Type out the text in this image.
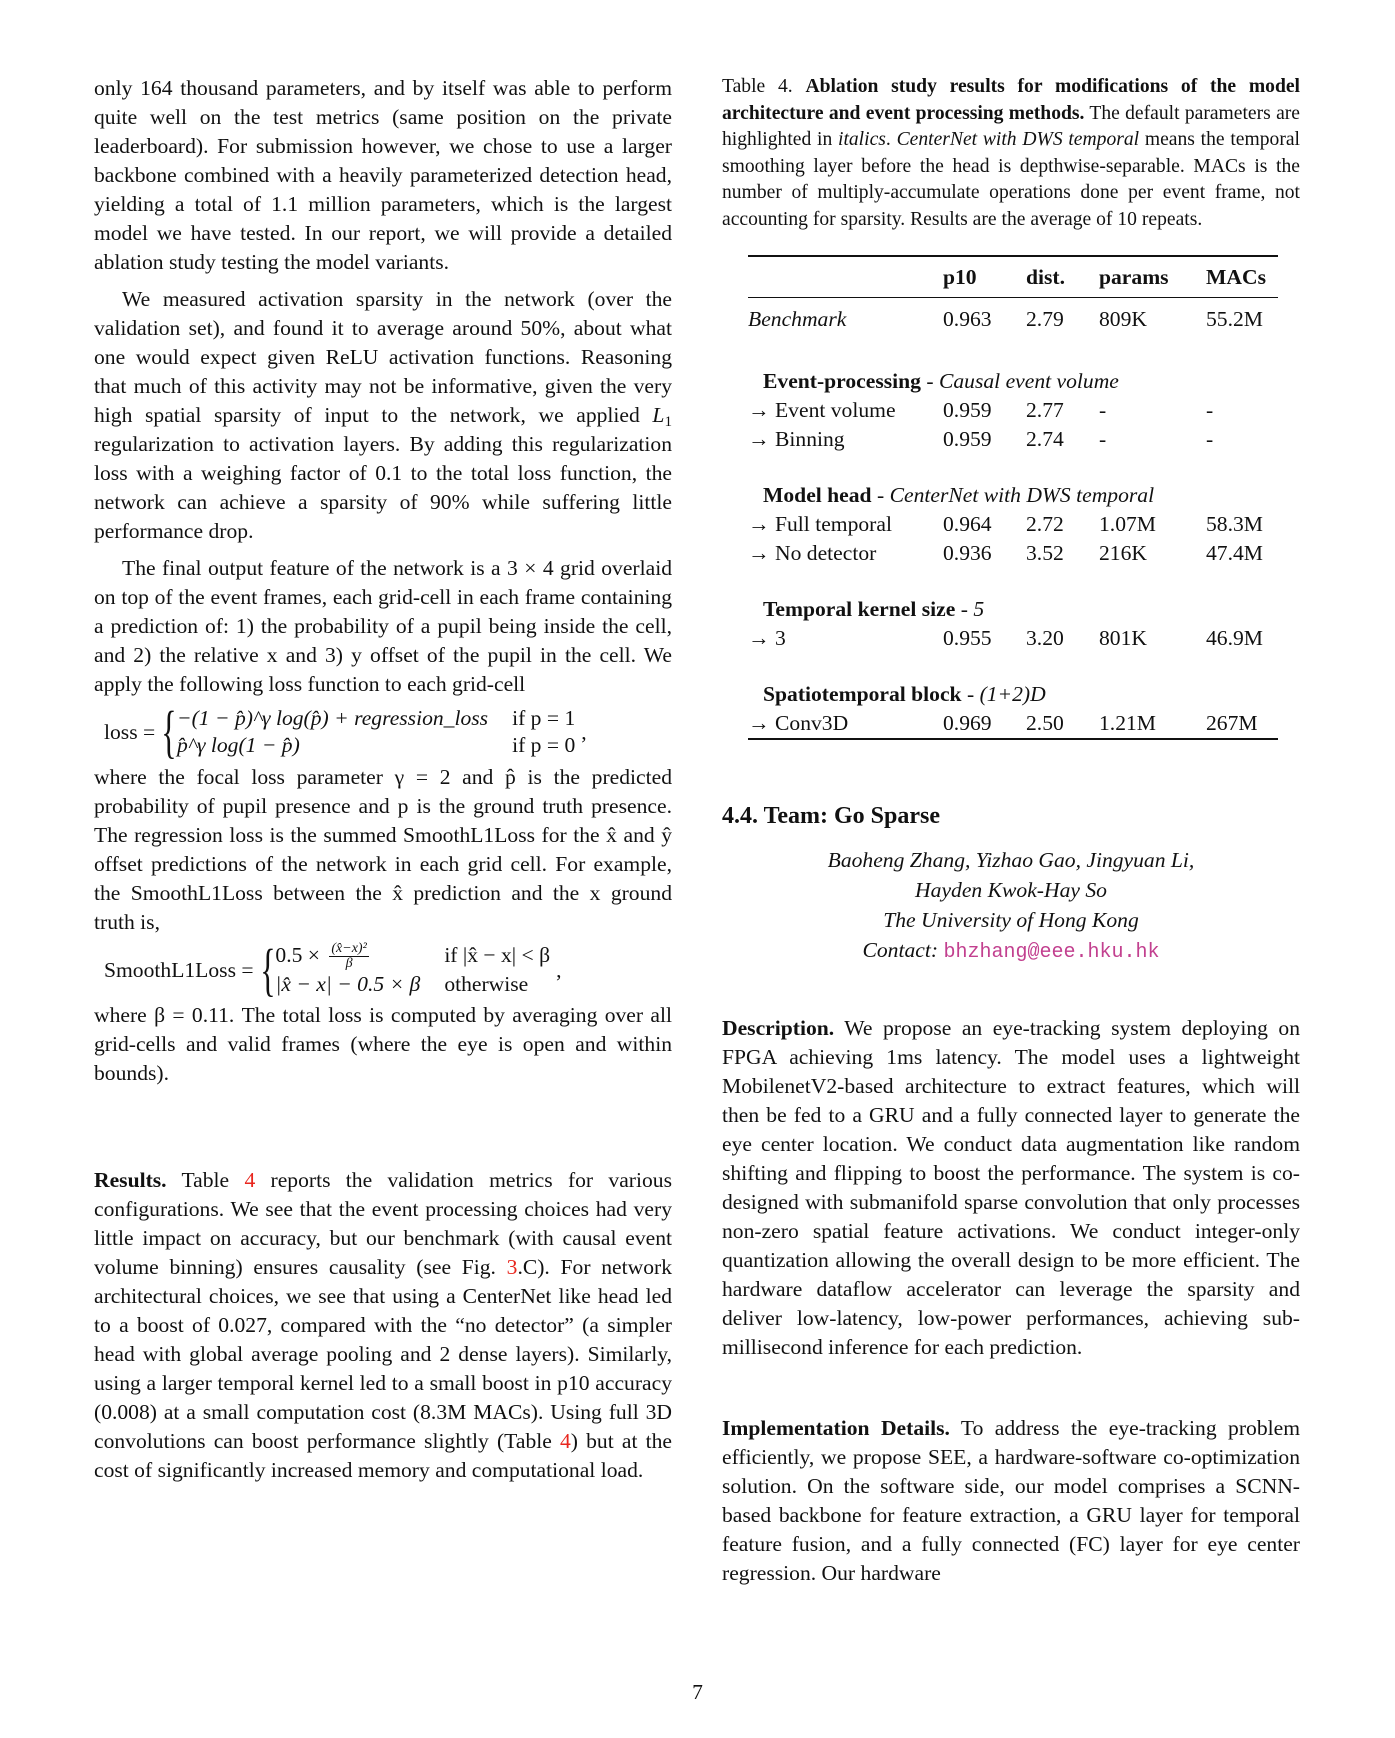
only 164 thousand parameters, and by itself was able to perform quite well on the test metrics (same position on the private leaderboard). For submission however, we chose to use a larger backbone combined with a heavily parameterized detection head, yielding a total of 1.1 million parameters, which is the largest model we have tested. In our report, we will provide a detailed ablation study testing the model variants.

We measured activation sparsity in the network (over the validation set), and found it to average around 50%, about what one would expect given ReLU activation functions. Reasoning that much of this activity may not be informative, given the very high spatial sparsity of input to the network, we applied $L_1$ regularization to activation layers. By adding this regularization loss with a weighing factor of 0.1 to the total loss function, the network can achieve a sparsity of 90% while suffering little performance drop.

The final output feature of the network is a 3 × 4 grid overlaid on top of the event frames, each grid-cell in each frame containing a prediction of: 1) the probability of a pupil being inside the cell, and 2) the relative x and 3) y offset of the pupil in the cell. We apply the following loss function to each grid-cell

loss = { −(1 − p̂)^γ log(p̂) + regression_loss if p = 1
p̂^γ log(1 − p̂)	if p = 0
,

where the focal loss parameter γ = 2 and p̂ is the predicted probability of pupil presence and p is the ground truth presence. The regression loss is the summed SmoothL1Loss for the x̂ and ŷ offset predictions of the network in each grid cell. For example, the SmoothL1Loss between the x̂ prediction and the x ground truth is,

SmoothL1Loss = { $0.5 \times \frac{\text{(x̂−x)²}}{\beta}$	if |x̂ − x| < β
|x̂ − x| − 0.5 × β otherwise
,

where β = 0.11. The total loss is computed by averaging over all grid-cells and valid frames (where the eye is open and within bounds).

Results. Table 4 reports the validation metrics for various configurations. We see that the event processing choices had very little impact on accuracy, but our benchmark (with causal event volume binning) ensures causality (see Fig. 3.C). For network architectural choices, we see that using a CenterNet like head led to a boost of 0.027, compared with the “no detector” (a simpler head with global average pooling and 2 dense layers). Similarly, using a larger temporal kernel led to a small boost in p10 accuracy (0.008) at a small computation cost (8.3M MACs). Using full 3D convolutions can boost performance slightly (Table 4) but at the cost of significantly increased memory and computational load.

Table 4. Ablation study results for modifications of the model architecture and event processing methods. The default parameters are highlighted in italics. CenterNet with DWS temporal means the temporal smoothing layer before the head is depthwise-separable. MACs is the number of multiply-accumulate operations done per event frame, not accounting for sparsity. Results are the average of 10 repeats.

	p10	dist.	params	MACs
Benchmark	0.963	2.79	809K	55.2M

Event-processing - Causal event volume				
→ Event volume	0.959	2.77	-	-
→ Binning	0.959	2.74	-	-

Model head - CenterNet with DWS temporal				
→ Full temporal	0.964	2.72	1.07M	58.3M
→ No detector	0.936	3.52	216K	47.4M

Temporal kernel size - 5				
→ 3	0.955	3.20	801K	46.9M

Spatiotemporal block - (1+2)D				
→ Conv3D	0.969	2.50	1.21M	267M
4.4. Team: Go Sparse
Baoheng Zhang, Yizhao Gao, Jingyuan Li,
Hayden Kwok-Hay So
The University of Hong Kong
Contact: bhzhang@eee.hku.hk

Description. We propose an eye-tracking system deploying on FPGA achieving 1ms latency. The model uses a lightweight MobilenetV2-based architecture to extract features, which will then be fed to a GRU and a fully connected layer to generate the eye center location. We conduct data augmentation like random shifting and flipping to boost the performance. The system is co-designed with submanifold sparse convolution that only processes non-zero spatial feature activations. We conduct integer-only quantization allowing the overall design to be more efficient. The hardware dataflow accelerator can leverage the sparsity and deliver low-latency, low-power performances, achieving sub-millisecond inference for each prediction.

Implementation Details. To address the eye-tracking problem efficiently, we propose SEE, a hardware-software co-optimization solution. On the software side, our model comprises a SCNN-based backbone for feature extraction, a GRU layer for temporal feature fusion, and a fully connected (FC) layer for eye center regression. Our hardware

7
